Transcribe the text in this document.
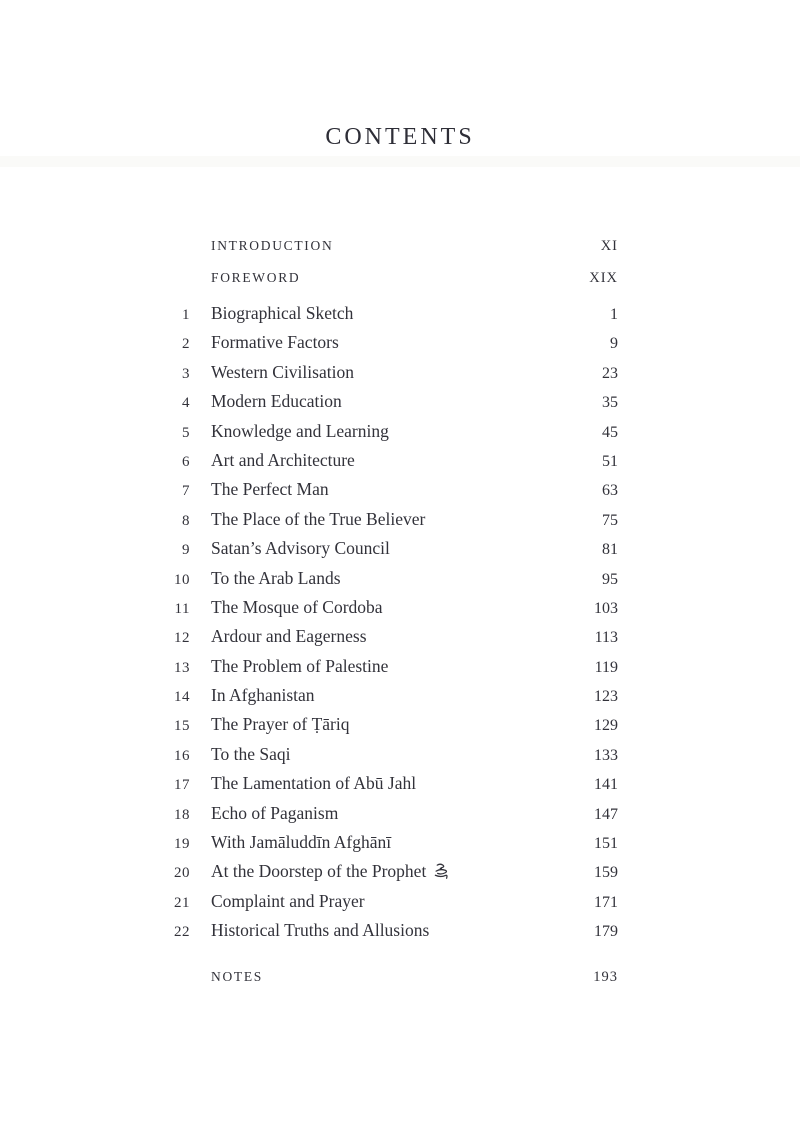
CONTENTS
INTRODUCTION	XI
FOREWORD	XIX
1	Biographical Sketch	1
2	Formative Factors	9
3	Western Civilisation	23
4	Modern Education	35
5	Knowledge and Learning	45
6	Art and Architecture	51
7	The Perfect Man	63
8	The Place of the True Believer	75
9	Satan’s Advisory Council	81
10	To the Arab Lands	95
11	The Mosque of Cordoba	103
12	Ardour and Eagerness	113
13	The Problem of Palestine	119
14	In Afghanistan	123
15	The Prayer of Ṭāriq	129
16	To the Saqi	133
17	The Lamentation of Abū Jahl	141
18	Echo of Paganism	147
19	With Jamāluddīn Afghānī	151
20	At the Doorstep of the Prophet	159
21	Complaint and Prayer	171
22	Historical Truths and Allusions	179
NOTES	193
